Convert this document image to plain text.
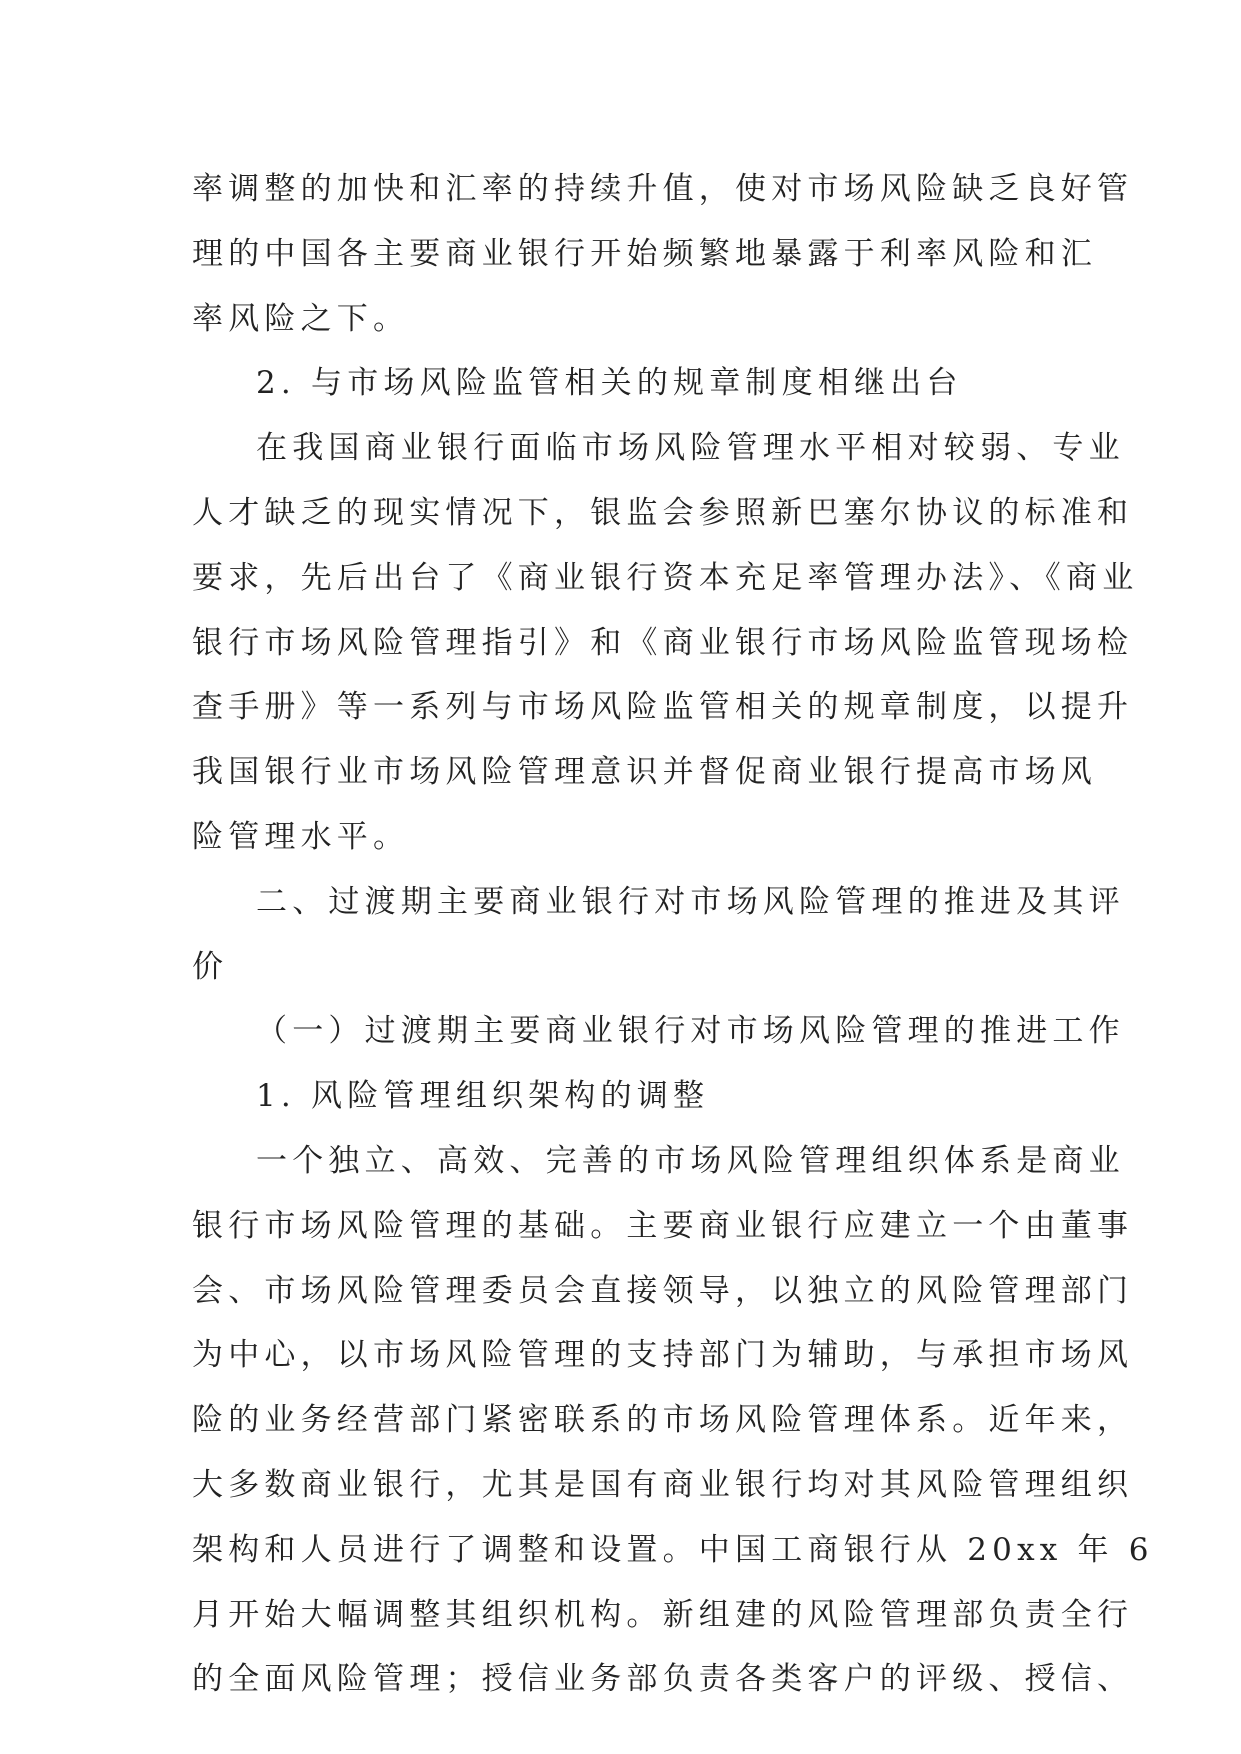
率调整的加快和汇率的持续升值，使对市场风险缺乏良好管
理的中国各主要商业银行开始频繁地暴露于利率风险和汇
率风险之下。
2. 与市场风险监管相关的规章制度相继出台
在我国商业银行面临市场风险管理水平相对较弱、专业
人才缺乏的现实情况下，银监会参照新巴塞尔协议的标准和
要求，先后出台了《商业银行资本充足率管理办法》、《商业
银行市场风险管理指引》和《商业银行市场风险监管现场检
查手册》等一系列与市场风险监管相关的规章制度，以提升
我国银行业市场风险管理意识并督促商业银行提高市场风
险管理水平。
二、过渡期主要商业银行对市场风险管理的推进及其评
价
（一）过渡期主要商业银行对市场风险管理的推进工作
1. 风险管理组织架构的调整
一个独立、高效、完善的市场风险管理组织体系是商业
银行市场风险管理的基础。主要商业银行应建立一个由董事
会、市场风险管理委员会直接领导，以独立的风险管理部门
为中心，以市场风险管理的支持部门为辅助，与承担市场风
险的业务经营部门紧密联系的市场风险管理体系。近年来，
大多数商业银行，尤其是国有商业银行均对其风险管理组织
架构和人员进行了调整和设置。中国工商银行从 20xx 年 6
月开始大幅调整其组织机构。新组建的风险管理部负责全行
的全面风险管理；授信业务部负责各类客户的评级、授信、
